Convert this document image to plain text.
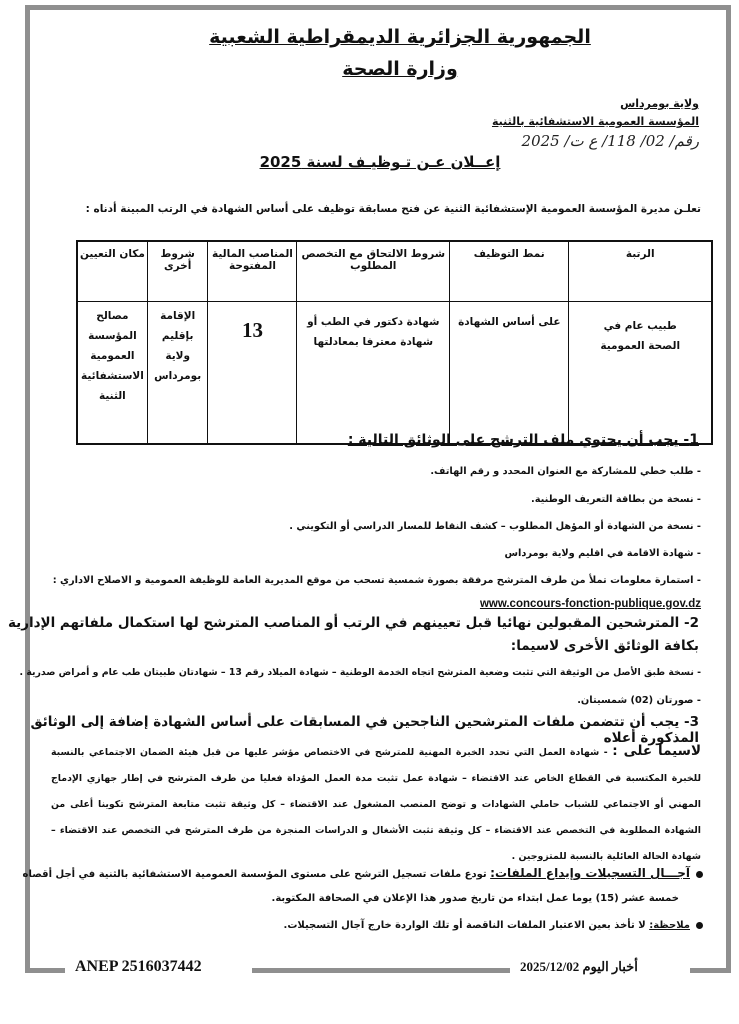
الجمهورية الجزائرية الديمقراطية الشعبية
وزارة الصحة
ولاية بومرداس
المؤسسة العمومية الاستشفائية بالثنية
رقم/ 02/ 118/ ع ت/ 2025
إعــلان عـن تـوظيـف لسنة 2025
تعلـن مديرة المؤسسة العمومية الإستشفائية الثنية عن فتح مسابقة توظيف على أساس الشهادة في الرتب المبينة أدناه :
الرتبة	نمط التوظيف	شروط الالتحاق مع التخصص المطلوب	المناصب المالية المفتوحة	شروط أخرى	مكان التعيين
طبيب عام في الصحة العمومية	على أساس الشهادة	شهادة دكتور في الطب أو شهادة معترفا بمعادلتها	13	الإقامة بإقليم ولاية بومرداس	مصالح المؤسسة العمومية الاستشفائية الثنية
1- يجب أن يحتوي ملف الترشح على الوثائق التالية :
- طلب خطي للمشاركة مع العنوان المحدد و رقم الهاتف.
- نسخة من بطاقة التعريف الوطنية.
- نسخة من الشهادة أو المؤهل المطلوب – كشف النقاط للمسار الدراسي أو التكويني .
- شهادة الاقامة في اقليم ولاية بومرداس
- استمارة معلومات تملأ من طرف المترشح مرفقة بصورة شمسية تسحب من موقع المديرية العامة للوظيفة العمومية و الاصلاح الاداري :
www.concours-fonction-publique.gov.dz
2- المترشحين المقبولين نهائيا قبل تعيينهم في الرتب أو المناصب المترشح لها استكمال ملفاتهم الإدارية
بكافة الوثائق الأخرى لاسيما:
- نسخة طبق الأصل من الوثيقة التي تثبت وضعية المترشح اتجاه الخدمة الوطنية – شهادة الميلاد رقم 13 – شهادتان طبيتان طب عام و أمراض صدرية .
- صورتان (02) شمسيتان.
3- يجب أن تتضمن ملفات المترشحين الناجحين في المسابقات على أساس الشهادة إضافة إلى الوثائق المذكورة أعلاه
لاسيما على : - شهادة العمل التي تحدد الخبرة المهنية للمترشح في الاختصاص مؤشر عليها من قبل هيئة الضمان الاجتماعي بالنسبة للخبرة المكتسبة في القطاع الخاص عند الاقتضاء – شهادة عمل تثبت مدة العمل المؤداة فعليا من طرف المترشح في إطار جهازي الإدماج المهني أو الاجتماعي للشباب حاملي الشهادات و توضح المنصب المشغول عند الاقتضاء – كل وثيقة تثبت متابعة المترشح تكوينا أعلى من الشهادة المطلوبة في التخصص عند الاقتضاء – كل وثيقة تثبت الأشغال و الدراسات المنجزة من طرف المترشح في التخصص عند الاقتضاء – شهادة الحالة العائلية بالنسبة للمتزوجين .
آجـــال التسجيلات وإيداع الملفات: تودع ملفات تسجيل الترشح على مستوى المؤسسة العمومية الاستشفائية بالثنية في أجل أقصاه
خمسة عشر (15) يوما عمل ابتداء من تاريخ صدور هذا الإعلان في الصحافة المكتوبة.
ملاحظة: لا تأخذ بعين الاعتبار الملفات الناقصة أو تلك الواردة خارج آجال التسجيلات.
ANEP 2516037442	أخبار اليوم 2025/12/02
